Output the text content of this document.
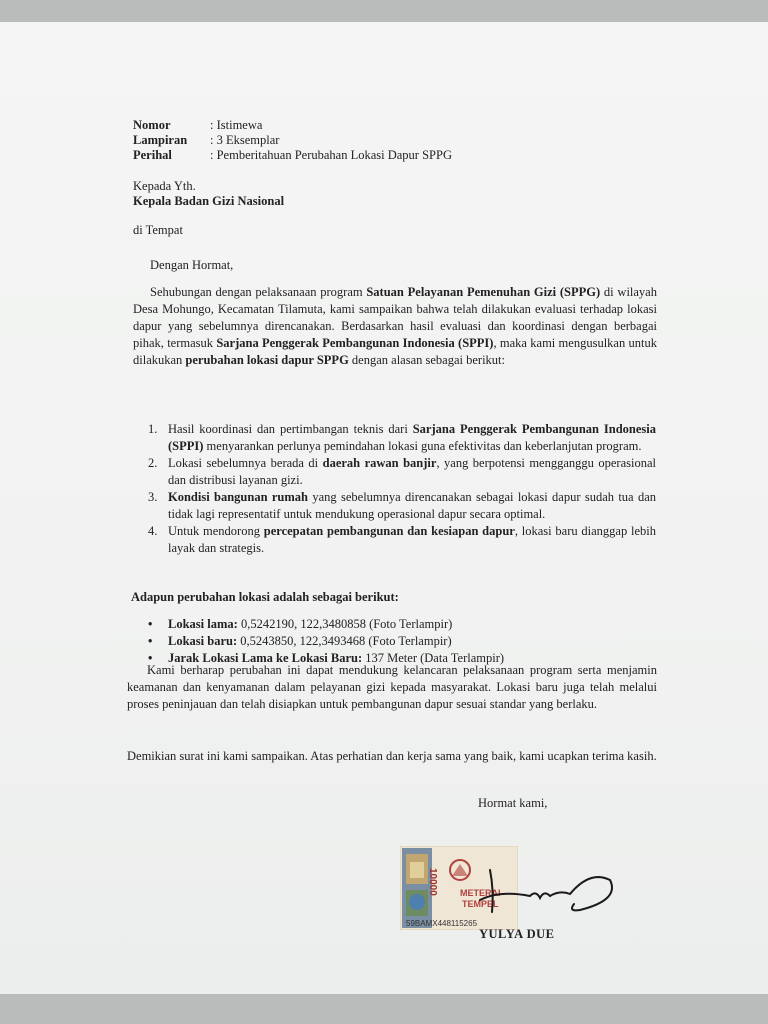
Nomor	: Istimewa
Lampiran : 3 Eksemplar
Perihal	: Pemberitahuan Perubahan Lokasi Dapur SPPG
Kepada Yth.
Kepala Badan Gizi Nasional
di Tempat
Dengan Hormat,
Sehubungan dengan pelaksanaan program Satuan Pelayanan Pemenuhan Gizi (SPPG) di wilayah Desa Mohungo, Kecamatan Tilamuta, kami sampaikan bahwa telah dilakukan evaluasi terhadap lokasi dapur yang sebelumnya direncanakan. Berdasarkan hasil evaluasi dan koordinasi dengan berbagai pihak, termasuk Sarjana Penggerak Pembangunan Indonesia (SPPI), maka kami mengusulkan untuk dilakukan perubahan lokasi dapur SPPG dengan alasan sebagai berikut:
1. Hasil koordinasi dan pertimbangan teknis dari Sarjana Penggerak Pembangunan Indonesia (SPPI) menyarankan perlunya pemindahan lokasi guna efektivitas dan keberlanjutan program.
2. Lokasi sebelumnya berada di daerah rawan banjir, yang berpotensi mengganggu operasional dan distribusi layanan gizi.
3. Kondisi bangunan rumah yang sebelumnya direncanakan sebagai lokasi dapur sudah tua dan tidak lagi representatif untuk mendukung operasional dapur secara optimal.
4. Untuk mendorong percepatan pembangunan dan kesiapan dapur, lokasi baru dianggap lebih layak dan strategis.
Adapun perubahan lokasi adalah sebagai berikut:
• Lokasi lama: 0,5242190, 122,3480858 (Foto Terlampir)
• Lokasi baru: 0,5243850, 122,3493468 (Foto Terlampir)
• Jarak Lokasi Lama ke Lokasi Baru: 137 Meter (Data Terlampir)
Kami berharap perubahan ini dapat mendukung kelancaran pelaksanaan program serta menjamin keamanan dan kenyamanan dalam pelayanan gizi kepada masyarakat. Lokasi baru juga telah melalui proses peninjauan dan telah disiapkan untuk pembangunan dapur sesuai standar yang berlaku.
Demikian surat ini kami sampaikan. Atas perhatian dan kerja sama yang baik, kami ucapkan terima kasih.
Hormat kami,
10000 METERAI
TEMPEL
59BAMX448115265
YULYA DUE
